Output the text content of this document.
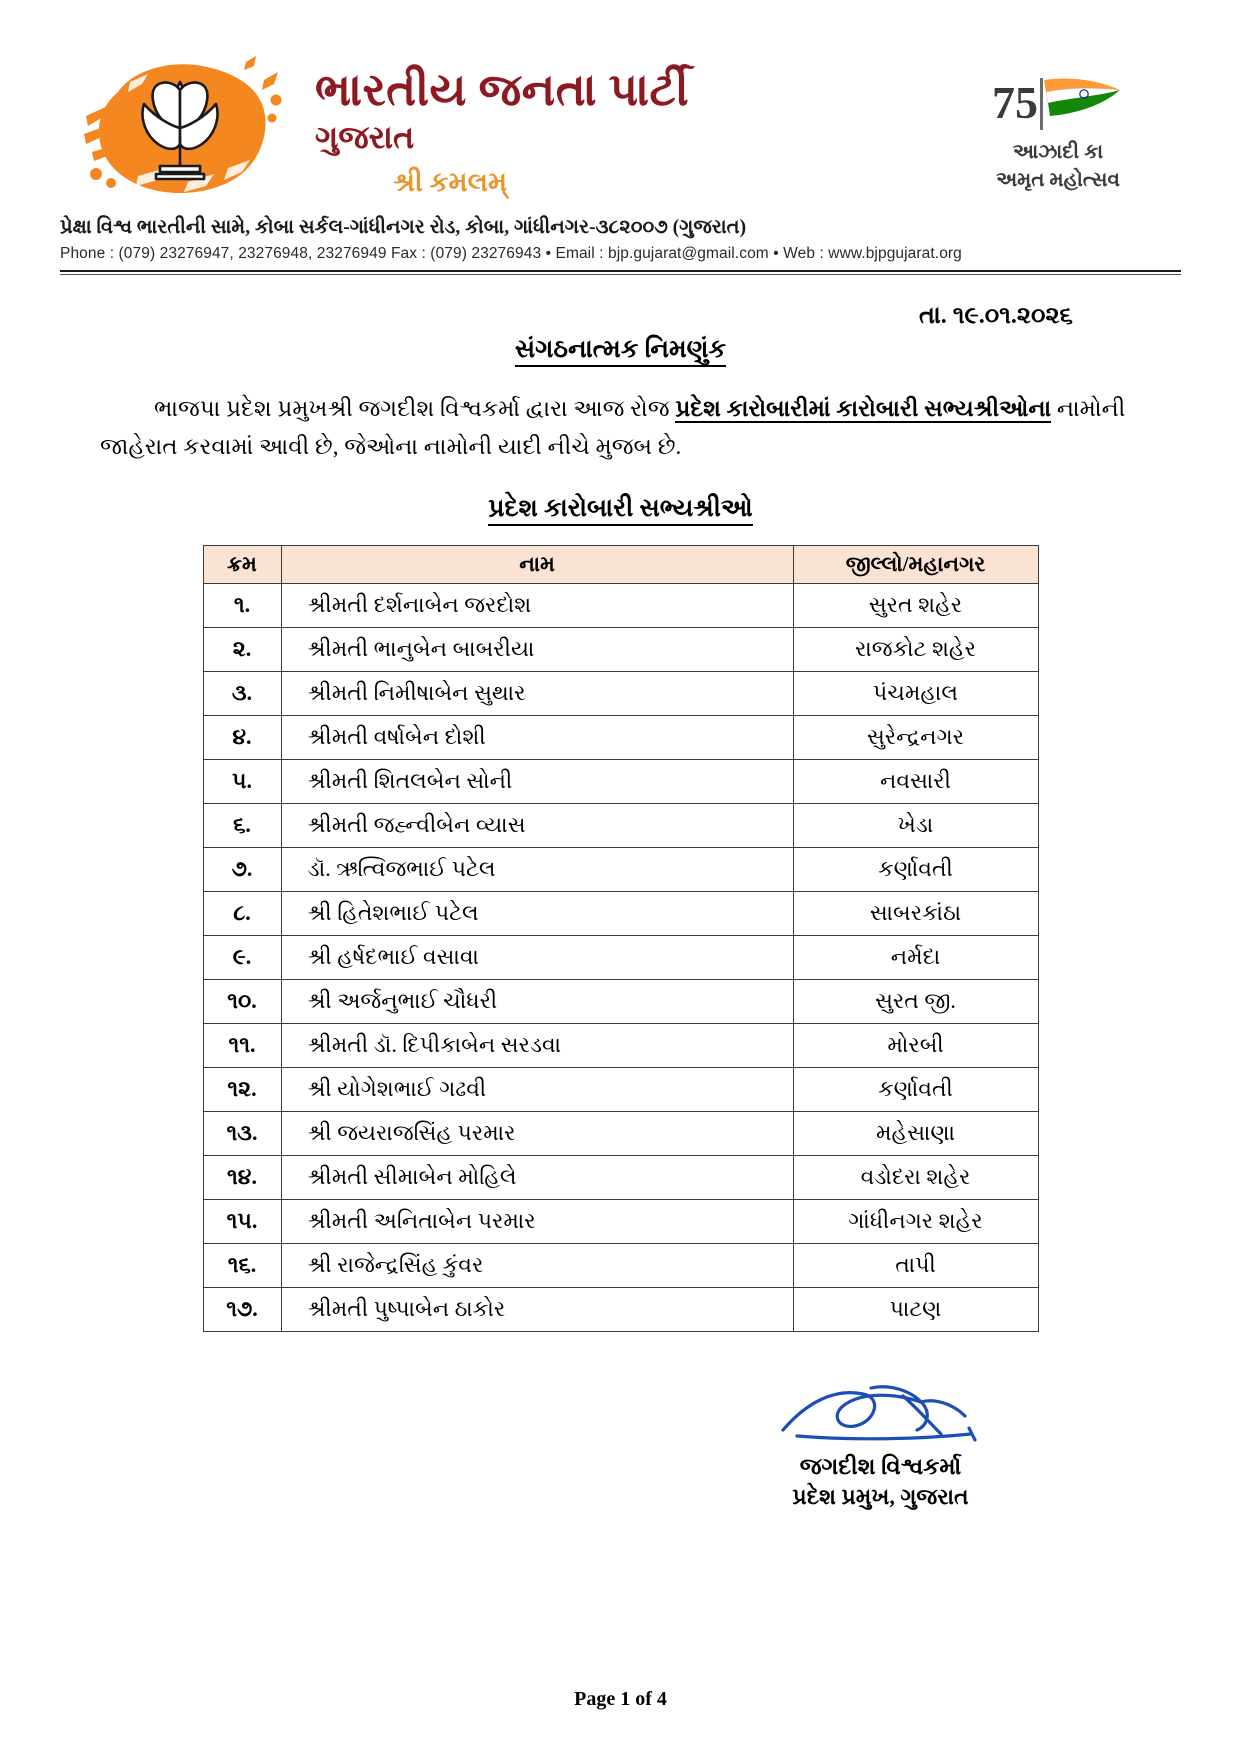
ભારતીય જનતા પાર્ટી
ગુજરાત
શ્રી કમલમ્
75
આઝાદી કા
અમૃત મહોત્સવ
પ્રેક્ષા વિશ્વ ભારતીની સામે, કોબા સર્કલ-ગાંધીનગર રોડ, કોબા, ગાંધીનગર-૩૮૨૦૦૭ (ગુજરાત)
Phone : (079) 23276947, 23276948, 23276949 Fax : (079) 23276943 • Email : bjp.gujarat@gmail.com • Web : www.bjpgujarat.org
તા. ૧૯.૦૧.૨૦૨૬
સંગઠનાત્મક નિમણુંક

ભાજપા પ્રદેશ પ્રમુખશ્રી જગદીશ વિશ્વકર્મા દ્વારા આજ રોજ પ્રદેશ કારોબારીમાં કારોબારી સભ્યશ્રીઓના નામોની જાહેરાત કરવામાં આવી છે, જેઓના નામોની યાદી નીચે મુજબ છે.

પ્રદેશ કારોબારી સભ્યશ્રીઓ
ક્રમ	નામ	જીલ્લો/મહાનગર
૧.	શ્રીમતી દર્શનાબેન જરદોશ	સુરત શહેર
૨.	શ્રીમતી ભાનુબેન બાબરીયા	રાજકોટ શહેર
૩.	શ્રીમતી નિમીષાબેન સુથાર	પંચમહાલ
૪.	શ્રીમતી વર્ષાબેન દોશી	સુરેન્દ્રનગર
૫.	શ્રીમતી શિતલબેન સોની	નવસારી
૬.	શ્રીમતી જહ્ન્વીબેન વ્યાસ	ખેડા
૭.	ડૉ. ઋત્વિજભાઈ પટેલ	કર્ણાવતી
૮.	શ્રી હિતેશભાઈ પટેલ	સાબરકાંઠા
૯.	શ્રી હર્ષદભાઈ વસાવા	નર્મદા
૧૦.	શ્રી અર્જનુભાઈ ચૌધરી	સુરત જી.
૧૧.	શ્રીમતી ડૉ. દિપીકાબેન સરડવા	મોરબી
૧૨.	શ્રી યોગેશભાઈ ગઢવી	કર્ણાવતી
૧૩.	શ્રી જયરાજસિંહ પરમાર	મહેસાણા
૧૪.	શ્રીમતી સીમાબેન મોહિલે	વડોદરા શહેર
૧૫.	શ્રીમતી અનિતાબેન પરમાર	ગાંધીનગર શહેર
૧૬.	શ્રી રાજેન્દ્રસિંહ કુંવર	તાપી
૧૭.	શ્રીમતી પુષ્પાબેન ઠાકોર	પાટણ
જગદીશ વિશ્વકર્મા
પ્રદેશ પ્રમુખ, ગુજરાત
Page 1 of 4
